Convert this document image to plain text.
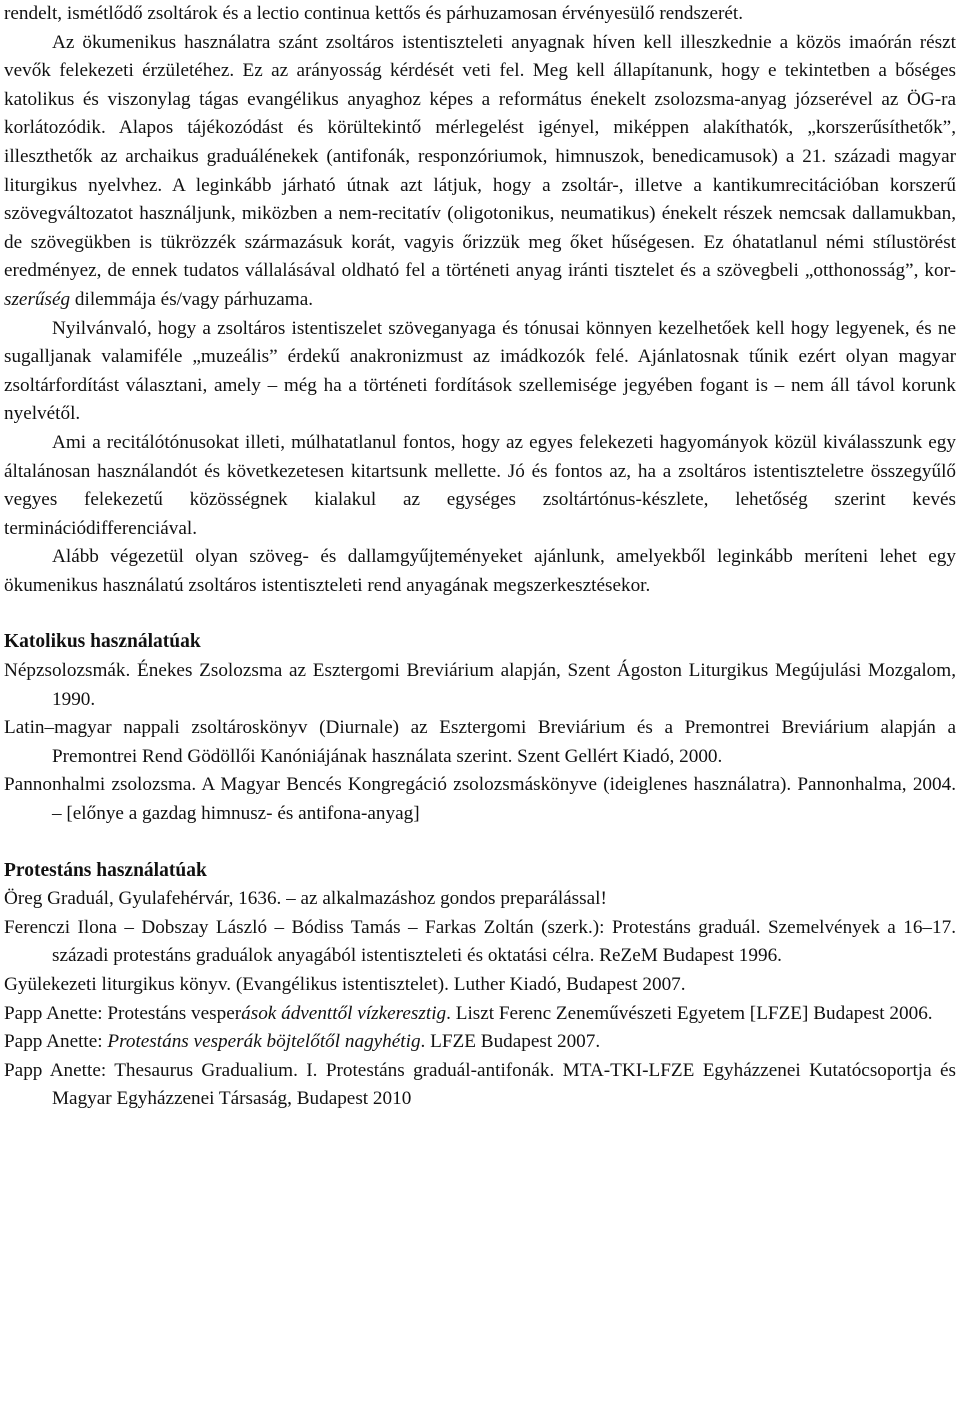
rendelt, ismétlődő zsoltárok és a lectio continua kettős és párhuzamosan érvényesülő rendszerét.

Az ökumenikus használatra szánt zsoltáros istentiszteleti anyagnak híven kell illeszkednie a közös imaórán részt vevők felekezeti érzületéhez. Ez az arányosság kérdését veti fel. Meg kell állapítanunk, hogy e tekintetben a bőséges katolikus és viszonylag tágas evangélikus anyaghoz képes a református énekelt zsolozsma-anyag józserével az ÖG-ra korlátozódik. Alapos tájékozódást és körültekintő mérlegelést igényel, miképpen alakíthatók, „korszerűsíthetők”, illeszthetők az archaikus graduálénekek (antifonák, responzóriumok, himnuszok, benedicamusok) a 21. századi magyar liturgikus nyelvhez. A leginkább járható útnak azt látjuk, hogy a zsoltár-, illetve a kantikumrecitációban korszerű szövegváltozatot használjunk, miközben a nem-recitatív (oligotonikus, neumatikus) énekelt részek nemcsak dallamukban, de szövegükben is tükrözzék származásuk korát, vagyis őrizzük meg őket hűségesen. Ez óhatatlanul némi stílustörést eredményez, de ennek tudatos vállalásával oldható fel a történeti anyag iránti tisztelet és a szövegbeli „otthonosság”, kor-szerűség dilemmája és/vagy párhuzama.

Nyilvánvaló, hogy a zsoltáros istentiszelet szöveganyaga és tónusai könnyen kezelhetőek kell hogy legyenek, és ne sugalljanak valamiféle „muzeális” érdekű anakronizmust az imádkozók felé. Ajánlatosnak tűnik ezért olyan magyar zsoltárfordítást választani, amely – még ha a történeti fordítások szellemisége jegyében fogant is – nem áll távol korunk nyelvétől.

Ami a recitálótónusokat illeti, múlhatatlanul fontos, hogy az egyes felekezeti hagyományok közül kiválasszunk egy általánosan használandót és következetesen kitartsunk mellette. Jó és fontos az, ha a zsoltáros istentiszteletre összegyűlő vegyes felekezetű közösségnek kialakul az egységes zsoltártónus-készlete, lehetőség szerint kevés terminációdifferenciával.

Alább végezetül olyan szöveg- és dallamgyűjteményeket ajánlunk, amelyekből leginkább meríteni lehet egy ökumenikus használatú zsoltáros istentiszteleti rend anyagának megszerkesztésekor.

Katolikus használatúak

Népzsolozsmák. Énekes Zsolozsma az Esztergomi Breviárium alapján, Szent Ágoston Liturgikus Megújulási Mozgalom, 1990.

Latin–magyar nappali zsoltároskönyv (Diurnale) az Esztergomi Breviárium és a Premontrei Breviárium alapján a Premontrei Rend Gödöllői Kanóniájának használata szerint. Szent Gellért Kiadó, 2000.

Pannonhalmi zsolozsma. A Magyar Bencés Kongregáció zsolozsmáskönyve (ideiglenes használatra). Pannonhalma, 2004. – [előnye a gazdag himnusz- és antifona-anyag]

Protestáns használatúak

Öreg Graduál, Gyulafehérvár, 1636. – az alkalmazáshoz gondos preparálással!

Ferenczi Ilona – Dobszay László – Bódiss Tamás – Farkas Zoltán (szerk.): Protestáns graduál. Szemelvények a 16–17. századi protestáns graduálok anyagából istentiszteleti és oktatási célra. ReZeM Budapest 1996.

Gyülekezeti liturgikus könyv. (Evangélikus istentisztelet). Luther Kiadó, Budapest 2007.

Papp Anette: Protestáns vesperások ádventtől vízkeresztig. Liszt Ferenc Zeneművészeti Egyetem [LFZE] Budapest 2006.

Papp Anette: Protestáns vesperák böjtelőtől nagyhétig. LFZE Budapest 2007.

Papp Anette: Thesaurus Gradualium. I. Protestáns graduál-antifonák. MTA-TKI-LFZE Egyházzenei Kutatócsoportja és Magyar Egyházzenei Társaság, Budapest 2010
